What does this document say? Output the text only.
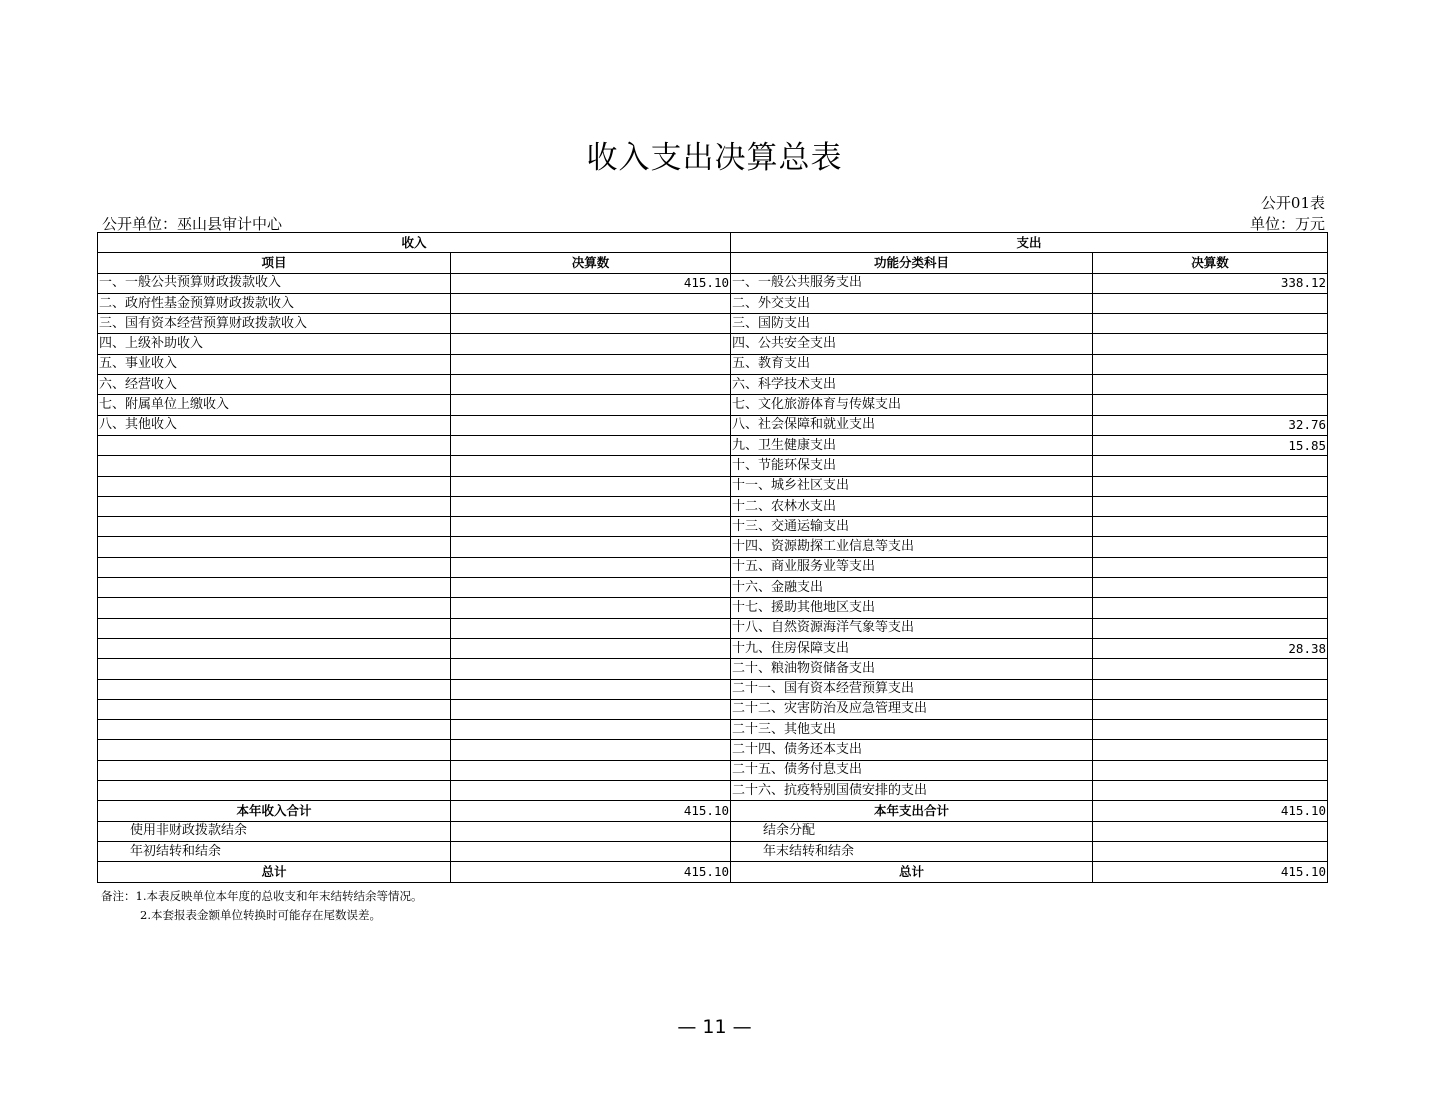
收入支出决算总表
公开01表
公开单位：巫山县审计中心	单位：万元
收入		支出	
项目	决算数	功能分类科目	决算数
一、一般公共预算财政拨款收入	415.10	一、一般公共服务支出	338.12
二、政府性基金预算财政拨款收入		二、外交支出	
三、国有资本经营预算财政拨款收入		三、国防支出	
四、上级补助收入		四、公共安全支出	
五、事业收入		五、教育支出	
六、经营收入		六、科学技术支出	
七、附属单位上缴收入		七、文化旅游体育与传媒支出	
八、其他收入		八、社会保障和就业支出	32.76
		九、卫生健康支出	15.85
		十、节能环保支出	
		十一、城乡社区支出	
		十二、农林水支出	
		十三、交通运输支出	
		十四、资源勘探工业信息等支出	
		十五、商业服务业等支出	
		十六、金融支出	
		十七、援助其他地区支出	
		十八、自然资源海洋气象等支出	
		十九、住房保障支出	28.38
		二十、粮油物资储备支出	
		二十一、国有资本经营预算支出	
		二十二、灾害防治及应急管理支出	
		二十三、其他支出	
		二十四、债务还本支出	
		二十五、债务付息支出	
		二十六、抗疫特别国债安排的支出	
本年收入合计	415.10	本年支出合计	415.10
使用非财政拨款结余		结余分配	
年初结转和结余		年末结转和结余	
总计	415.10	总计	415.10
备注：1.本表反映单位本年度的总收支和年末结转结余等情况。
2.本套报表金额单位转换时可能存在尾数误差。
— 11 —
